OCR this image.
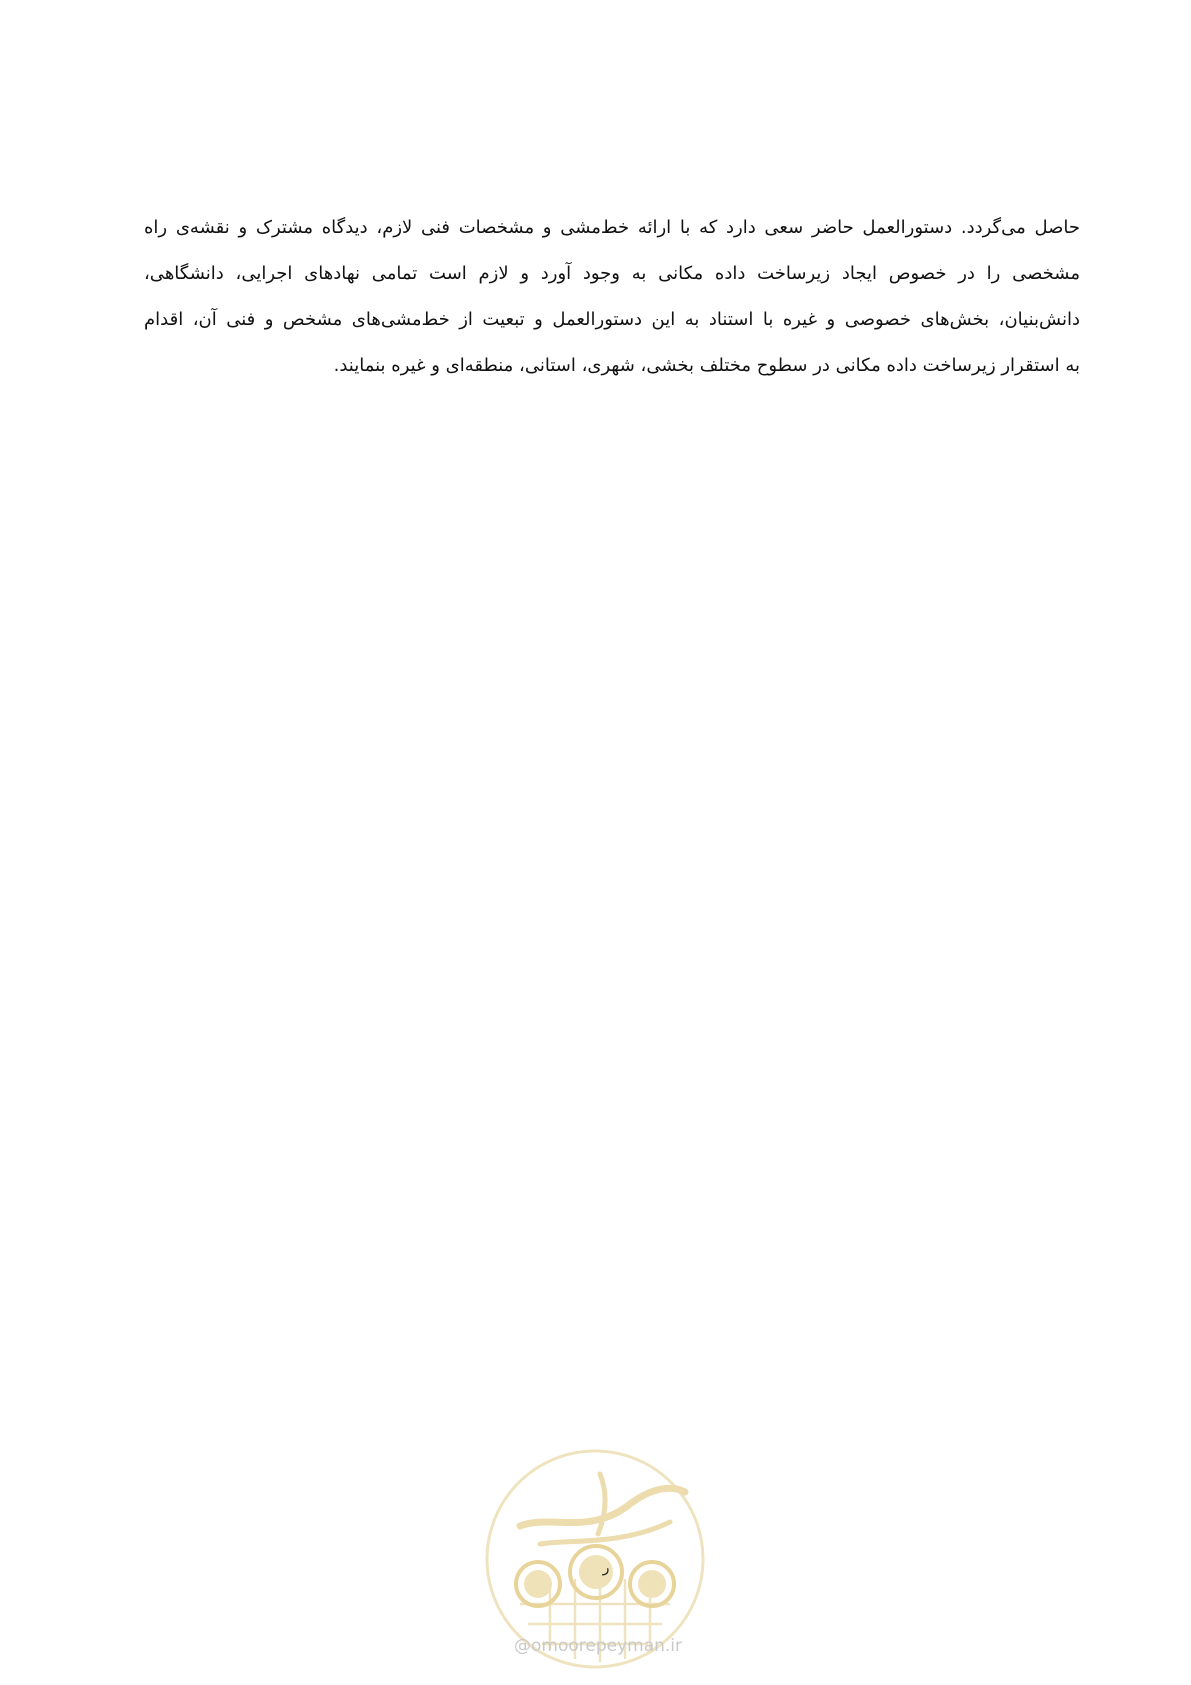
حاصل می‌گردد. دستورالعمل حاضر سعی دارد که با ارائه خط‌مشی و مشخصات فنی لازم، دیدگاه مشترک و نقشه‌ی راه
مشخصی را در خصوص ایجاد زیرساخت داده مکانی به وجود آورد و لازم است تمامی نهادهای اجرایی، دانشگاهی،
دانش‌بنیان، بخش‌های خصوصی و غیره با استناد به این دستورالعمل و تبعیت از خط‌مشی‌های مشخص و فنی آن، اقدام
به استقرار زیرساخت داده مکانی در سطوح مختلف بخشی، شهری، استانی، منطقه‌ای و غیره بنمایند.
ر
@omoorepeyman.ir
